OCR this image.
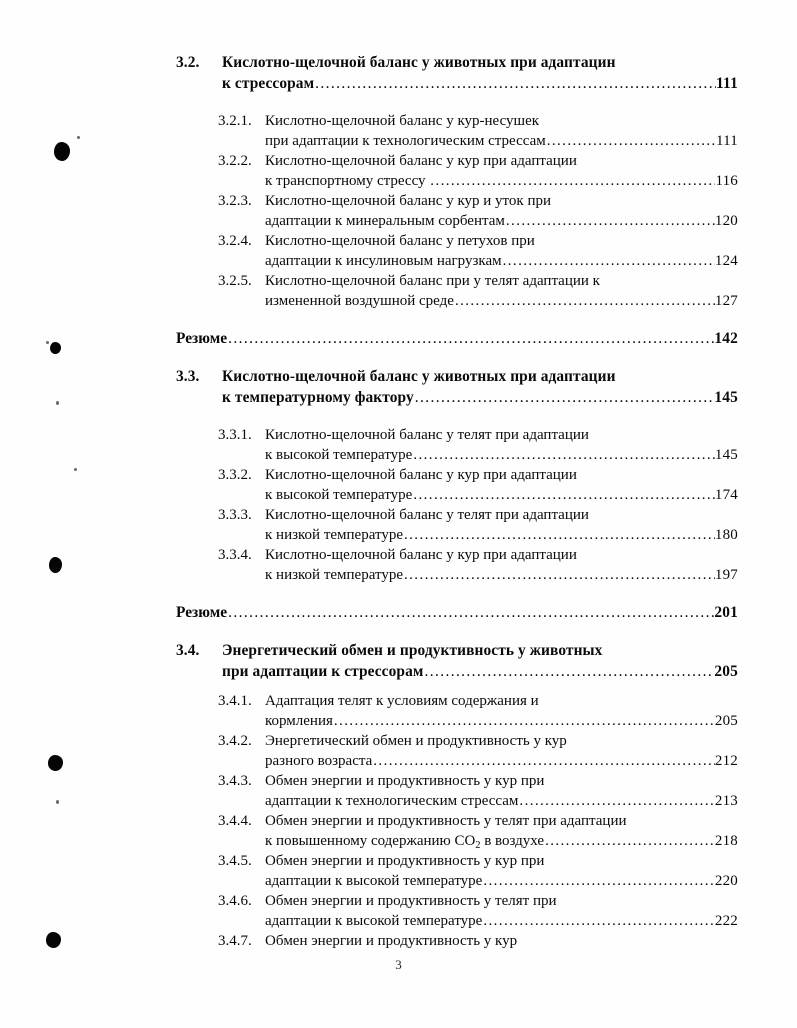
3.2.	Кислотно-щелочной баланс у животных при адаптацин
к стрессорам .....	111
3.2.1. Кислотно-щелочной баланс у кур-несушек
при адаптации к технологическим стрессам .....	111
3.2.2. Кислотно-щелочной баланс у кур при адаптации
к транспортному стрессу .....	116
3.2.3. Кислотно-щелочной баланс у кур и уток при
адаптации к минеральным сорбентам .....	120
3.2.4. Кислотно-щелочной баланс у петухов при
адаптации к инсулиновым нагрузкам .....	124
3.2.5. Кислотно-щелочной баланс при у телят адаптации к
измененной воздушной среде .....	127
Резюме .....	142
3.3.	Кислотно-щелочной баланс у животных при адаптации
к температурному фактору .....	145
3.3.1. Кислотно-щелочной баланс у телят при адаптации
к высокой температуре .....	145
3.3.2. Кислотно-щелочной баланс у кур при адаптации
к высокой температуре .....	174
3.3.3. Кислотно-щелочной баланс у телят при адаптации
к низкой температуре .....	180
3.3.4. Кислотно-щелочной баланс у кур при адаптации
к низкой температуре .....	197
Резюме .....	201
3.4.	Энергетический обмен и продуктивность у животных
при адаптации к стрессорам .....	205
3.4.1. Адаптация телят к условиям содержания и
кормления .....	205
3.4.2. Энергетический обмен и продуктивность у кур
разного возраста .....	212
3.4.3. Обмен энергии и продуктивность у кур при
адаптации к технологическим стрессам .....	213
3.4.4. Обмен энергии и продуктивность у телят при адаптации
к повышенному содержанию $CO_2$ в воздухе .....	218
3.4.5. Обмен энергии и продуктивность у кур при
адаптации к высокой температуре .....	220
3.4.6. Обмен энергии и продуктивность у телят при
адаптации к высокой температуре .....	222
3.4.7. Обмен энергии и продуктивность у кур
3
